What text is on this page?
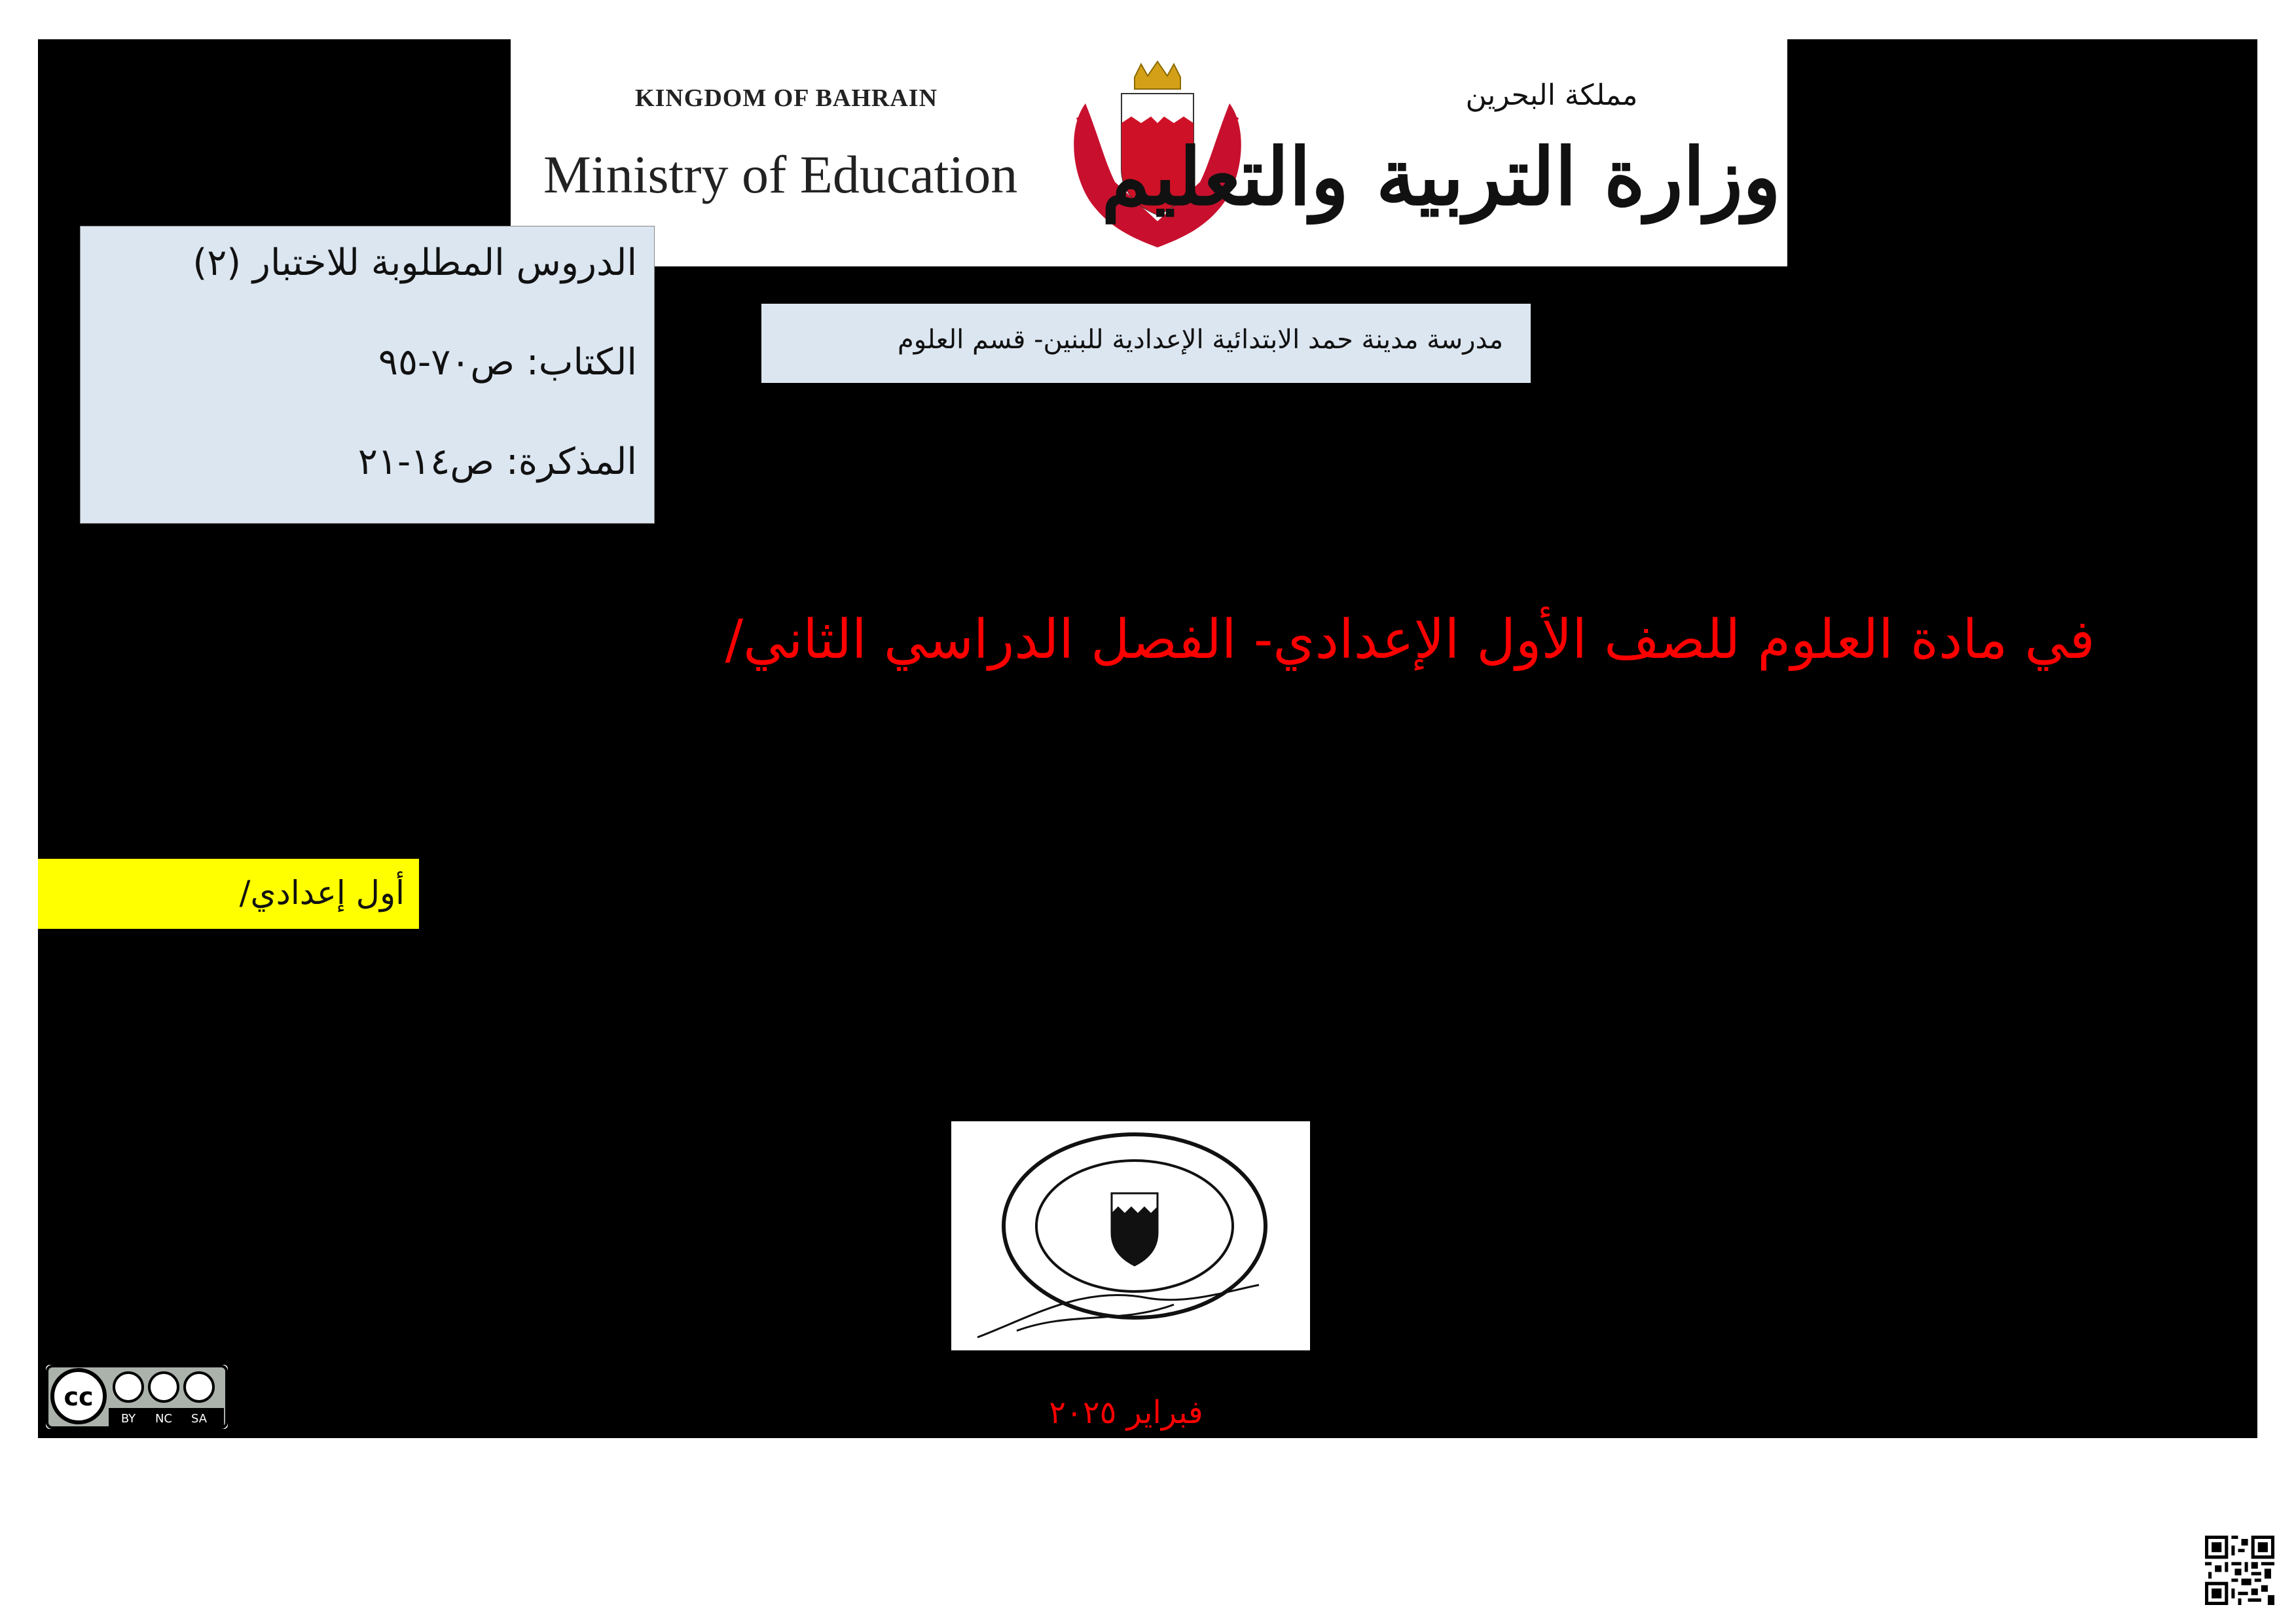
KINGDOM OF BAHRAIN
Ministry of Education
مملكة البحرين
وزارة التربية والتعليم
الدروس المطلوبة للاختبار (٢)
الكتاب: ص٧٠-٩٥
المذكرة: ص١٤-٢١
مدرسة مدينة حمد الابتدائية الإعدادية للبنين- قسم العلوم
في مادة العلوم للصف الأول الإعدادي- الفصل الدراسي الثاني/
أول إعدادي/
cc
BY NC SA	فبراير ٢٠٢٥
